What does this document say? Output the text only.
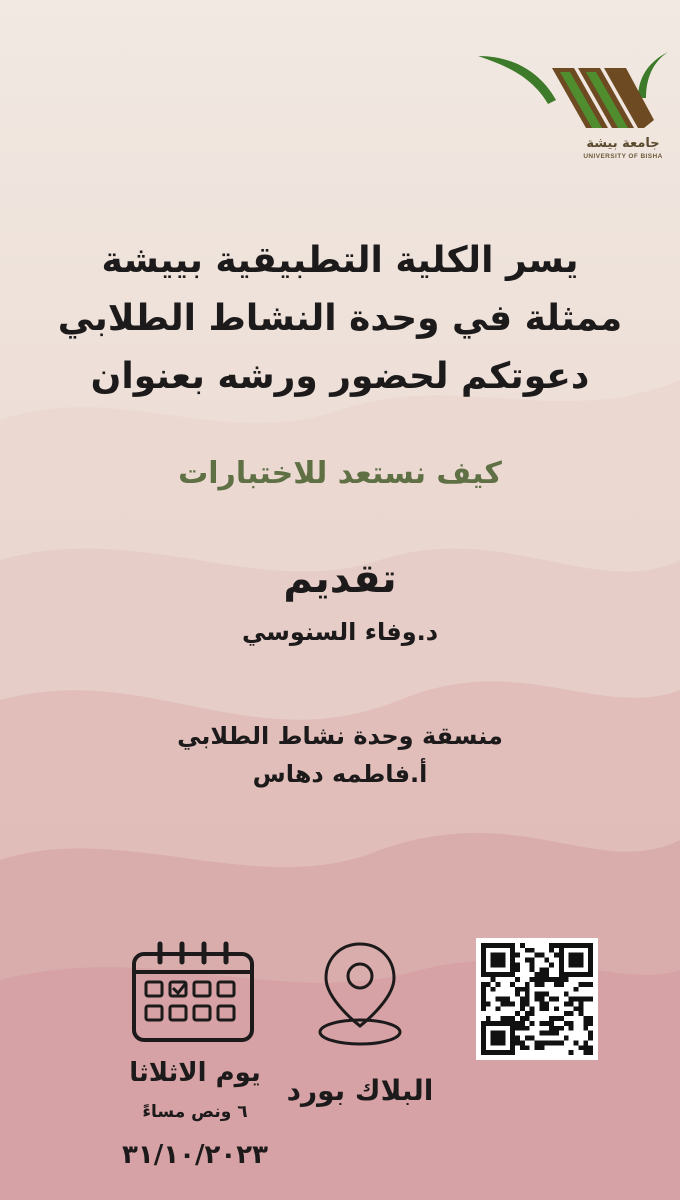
جامعة بيشة
UNIVERSITY OF BISHA
يسر الكلية التطبيقية بييشة
ممثلة في وحدة النشاط الطلابي
دعوتكم لحضور ورشه بعنوان
كيف نستعد للاختبارات
تقديم
د.وفاء السنوسي
منسقة وحدة نشاط الطلابي
أ.فاطمه دهاس
يوم الاثلاثا
٦ ونص مساءً
٣١/١٠/٢٠٢٣
البلاك بورد
